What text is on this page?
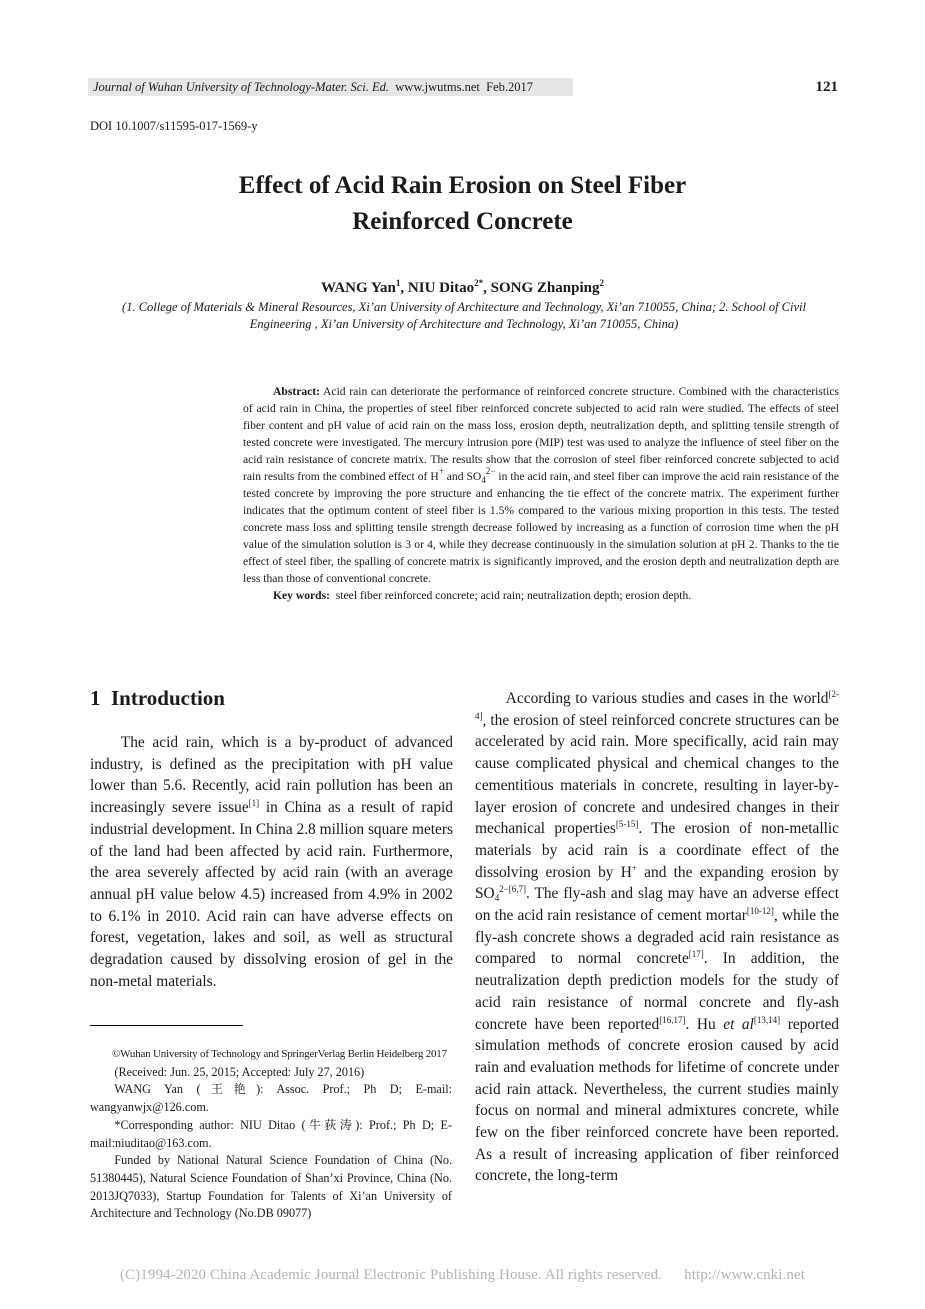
Journal of Wuhan University of Technology-Mater. Sci. Ed. www.jwutms.net Feb.2017	121
DOI 10.1007/s11595-017-1569-y
Effect of Acid Rain Erosion on Steel Fiber
Reinforced Concrete
WANG Yan$^1$, NIU Ditao$^{2*}$, SONG Zhanping$^2$
(1. College of Materials & Mineral Resources, Xi’an University of Architecture and Technology, Xi’an 710055, China; 2. School of Civil Engineering , Xi’an University of Architecture and Technology, Xi’an 710055, China)
Abstract: Acid rain can deteriorate the performance of reinforced concrete structure. Combined with the characteristics of acid rain in China, the properties of steel fiber reinforced concrete subjected to acid rain were studied. The effects of steel fiber content and pH value of acid rain on the mass loss, erosion depth, neutralization depth, and splitting tensile strength of tested concrete were investigated. The mercury intrusion pore (MIP) test was used to analyze the influence of steel fiber on the acid rain resistance of concrete matrix. The results show that the corrosion of steel fiber reinforced concrete subjected to acid rain results from the combined effect of H+ and $SO_4^{2-}$ in the acid rain, and steel fiber can improve the acid rain resistance of the tested concrete by improving the pore structure and enhancing the tie effect of the concrete matrix. The experiment further indicates that the optimum content of steel fiber is 1.5% compared to the various mixing proportion in this tests. The tested concrete mass loss and splitting tensile strength decrease followed by increasing as a function of corrosion time when the pH value of the simulation solution is 3 or 4, while they decrease continuously in the simulation solution at pH 2. Thanks to the tie effect of steel fiber, the spalling of concrete matrix is significantly improved, and the erosion depth and neutralization depth are less than those of conventional concrete.
Key words: steel fiber reinforced concrete; acid rain; neutralization depth; erosion depth.
1 Introduction

The acid rain, which is a by-product of advanced industry, is defined as the precipitation with pH value lower than 5.6. Recently, acid rain pollution has been an increasingly severe issue[1] in China as a result of rapid industrial development. In China 2.8 million square meters of the land had been affected by acid rain. Furthermore, the area severely affected by acid rain (with an average annual pH value below 4.5) increased from 4.9% in 2002 to 6.1% in 2010. Acid rain can have adverse effects on forest, vegetation, lakes and soil, as well as structural degradation caused by dissolving erosion of gel in the non-metal materials.

©Wuhan University of Technology and SpringerVerlag Berlin Heidelberg 2017

(Received: Jun. 25, 2015; Accepted: July 27, 2016)

WANG Yan (王艳): Assoc. Prof.; Ph D; E-mail: wangyanwjx@126.com.

*Corresponding author: NIU Ditao (牛荻涛): Prof.; Ph D; E-mail:niuditao@163.com.

Funded by National Natural Science Foundation of China (No. 51380445), Natural Science Foundation of Shan’xi Province, China (No. 2013JQ7033), Startup Foundation for Talents of Xi’an University of Architecture and Technology (No.DB 09077)

According to various studies and cases in the world[2-4], the erosion of steel reinforced concrete structures can be accelerated by acid rain. More specifically, acid rain may cause complicated physical and chemical changes to the cementitious materials in concrete, resulting in layer-by-layer erosion of concrete and undesired changes in their mechanical properties[5-15]. The erosion of non-metallic materials by acid rain is a coordinate effect of the dissolving erosion by H+ and the expanding erosion by $SO_4^{2-[6,7]}$. The fly-ash and slag may have an adverse effect on the acid rain resistance of cement mortar[10-12], while the fly-ash concrete shows a degraded acid rain resistance as compared to normal concrete[17]. In addition, the neutralization depth prediction models for the study of acid rain resistance of normal concrete and fly-ash concrete have been reported[16,17]. Hu et al[13,14] reported simulation methods of concrete erosion caused by acid rain and evaluation methods for lifetime of concrete under acid rain attack. Nevertheless, the current studies mainly focus on normal and mineral admixtures concrete, while few on the fiber reinforced concrete have been reported. As a result of increasing application of fiber reinforced concrete, the long-term

(C)1994-2020 China Academic Journal Electronic Publishing House. All rights reserved. http://www.cnki.net
